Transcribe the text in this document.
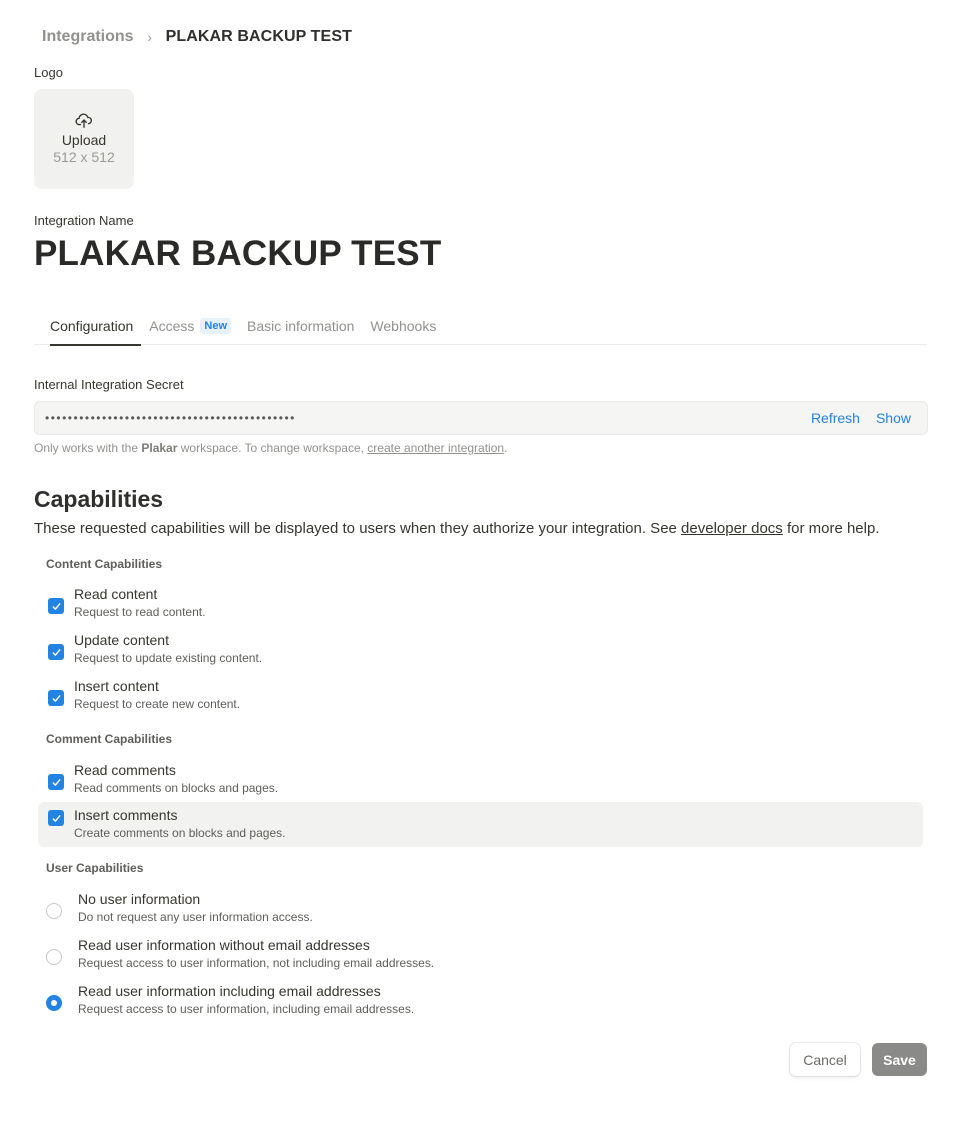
Integrations › PLAKAR BACKUP TEST
Logo
Upload
512 x 512
Integration Name
PLAKAR BACKUP TEST
Configuration Access New Basic information Webhooks
Internal Integration Secret
••••••••••••••••••••••••••••••••••••••••••••	Refresh Show
Only works with the Plakar workspace. To change workspace, create another integration.
Capabilities
These requested capabilities will be displayed to users when they authorize your integration. See developer docs for more help.
Content Capabilities
Read content
Request to read content.
Update content
Request to update existing content.
Insert content
Request to create new content.
Comment Capabilities
Read comments
Read comments on blocks and pages.
Insert comments
Create comments on blocks and pages.
User Capabilities
No user information
Do not request any user information access.
Read user information without email addresses
Request access to user information, not including email addresses.
Read user information including email addresses
Request access to user information, including email addresses.
Cancel	Save
